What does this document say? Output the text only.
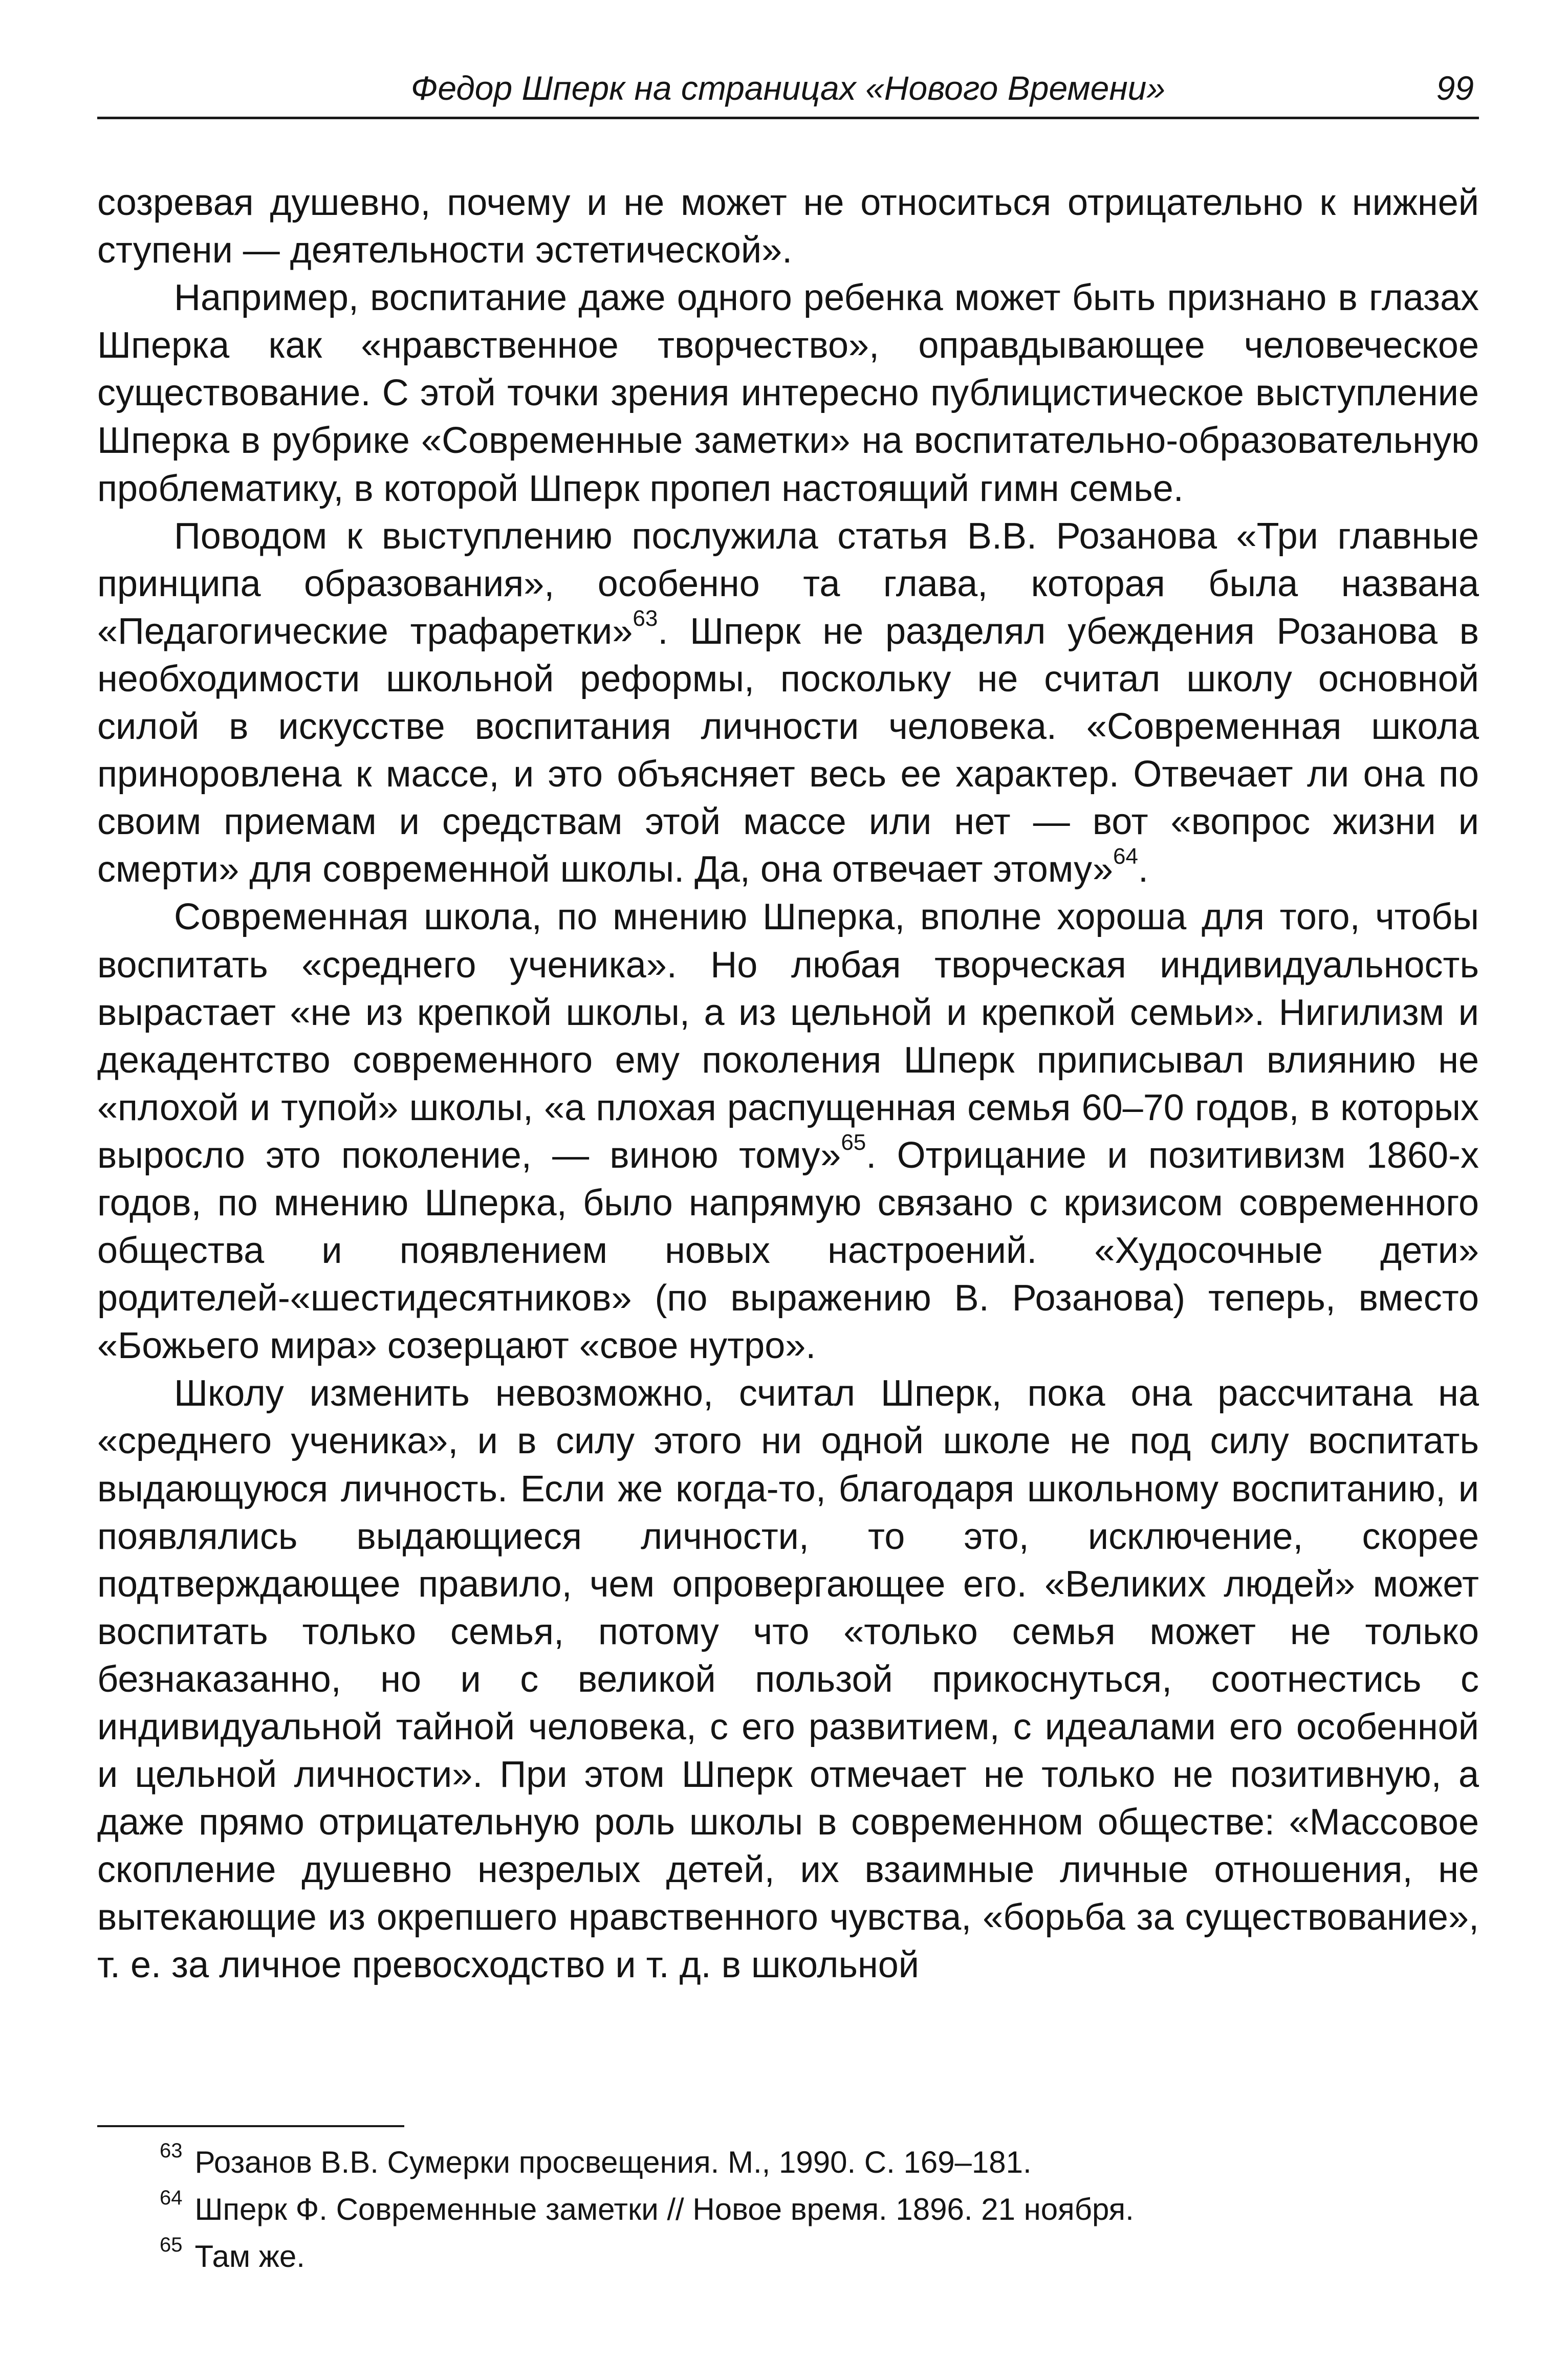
Федор Шперк на страницах «Нового Времени»	99

созревая душевно, почему и не может не относиться отрицательно к нижней ступени — деятельности эстетической».

Например, воспитание даже одного ребенка может быть признано в глазах Шперка как «нравственное творчество», оправдывающее человеческое существование. С этой точки зрения интересно публицистическое выступление Шперка в рубрике «Современные заметки» на воспитательно-образовательную проблематику, в которой Шперк пропел настоящий гимн семье.

Поводом к выступлению послужила статья В.В. Розанова «Три главные принципа образования», особенно та глава, которая была названа «Педагогические трафаретки»$^{63}$. Шперк не разделял убеждения Розанова в необходимости школьной реформы, поскольку не считал школу основной силой в искусстве воспитания личности человека. «Современная школа приноровлена к массе, и это объясняет весь ее характер. Отвечает ли она по своим приемам и средствам этой массе или нет — вот «вопрос жизни и смерти» для современной школы. Да, она отвечает этому»$^{64}$.

Современная школа, по мнению Шперка, вполне хороша для того, чтобы воспитать «среднего ученика». Но любая творческая индивидуальность вырастает «не из крепкой школы, а из цельной и крепкой семьи». Нигилизм и декадентство современного ему поколения Шперк приписывал влиянию не «плохой и тупой» школы, «а плохая распущенная семья 60–70 годов, в которых выросло это поколение, — виною тому»$^{65}$. Отрицание и позитивизм 1860-х годов, по мнению Шперка, было напрямую связано с кризисом современного общества и появлением новых настроений. «Худосочные дети» родителей-«шестидесятников» (по выражению В. Розанова) теперь, вместо «Божьего мира» созерцают «свое нутро».

Школу изменить невозможно, считал Шперк, пока она рассчитана на «среднего ученика», и в силу этого ни одной школе не под силу воспитать выдающуюся личность. Если же когда-то, благодаря школьному воспитанию, и появлялись выдающиеся личности, то это, исключение, скорее подтверждающее правило, чем опровергающее его. «Великих людей» может воспитать только семья, потому что «только семья может не только безнаказанно, но и с великой пользой прикоснуться, соотнестись с индивидуальной тайной человека, с его развитием, с идеалами его особенной и цельной личности». При этом Шперк отмечает не только не позитивную, а даже прямо отрицательную роль школы в современном обществе: «Массовое скопление душевно незрелых детей, их взаимные личные отношения, не вытекающие из окрепшего нравственного чувства, «борьба за существование», т. е. за личное превосходство и т. д. в школьной

$^{63}$ Розанов В.В. Сумерки просвещения. М., 1990. С. 169–181.

$^{64}$ Шперк Ф. Современные заметки // Новое время. 1896. 21 ноября.

$^{65}$ Там же.
